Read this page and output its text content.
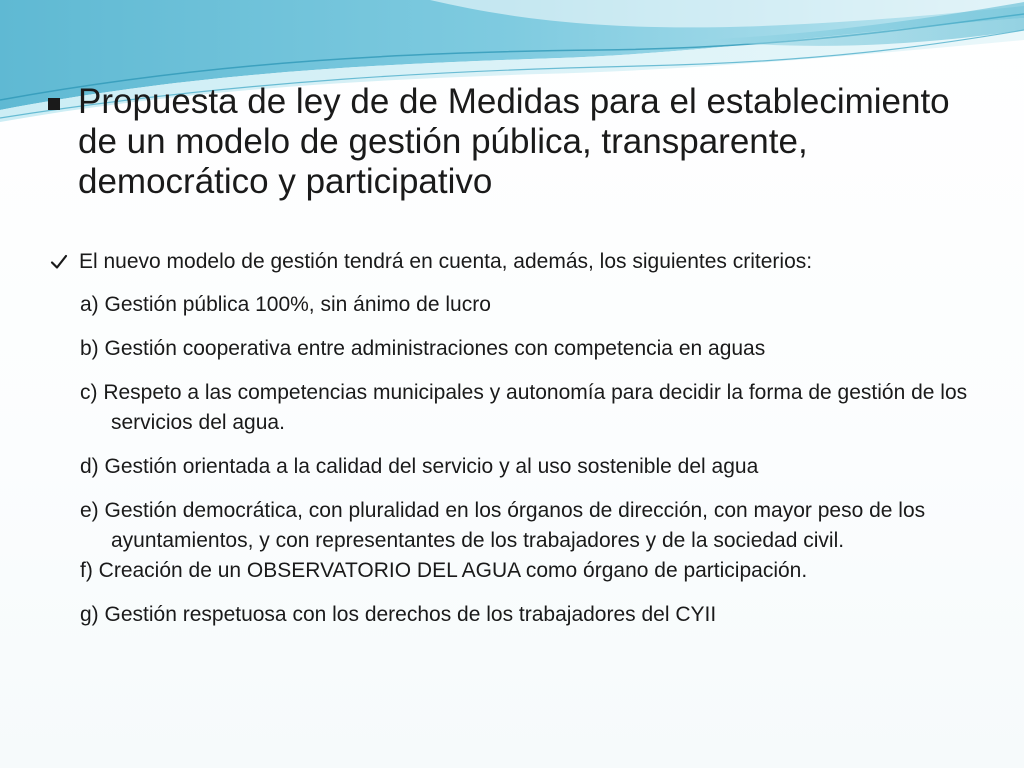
Propuesta de ley de de Medidas para el establecimiento de un modelo de gestión pública, transparente, democrático y participativo
El nuevo modelo de gestión tendrá en cuenta, además, los siguientes criterios:
a) Gestión pública 100%, sin ánimo de lucro
b) Gestión cooperativa entre administraciones con competencia en aguas
c) Respeto a las competencias municipales y autonomía para decidir la forma de gestión de los servicios del agua.
d) Gestión orientada a la calidad del servicio y al uso sostenible del agua
e) Gestión democrática, con pluralidad en los órganos de dirección, con mayor peso de los ayuntamientos, y con representantes de los trabajadores y de la sociedad civil.
f) Creación de un OBSERVATORIO DEL AGUA como órgano de participación.
g) Gestión respetuosa con los derechos de los trabajadores del CYII
